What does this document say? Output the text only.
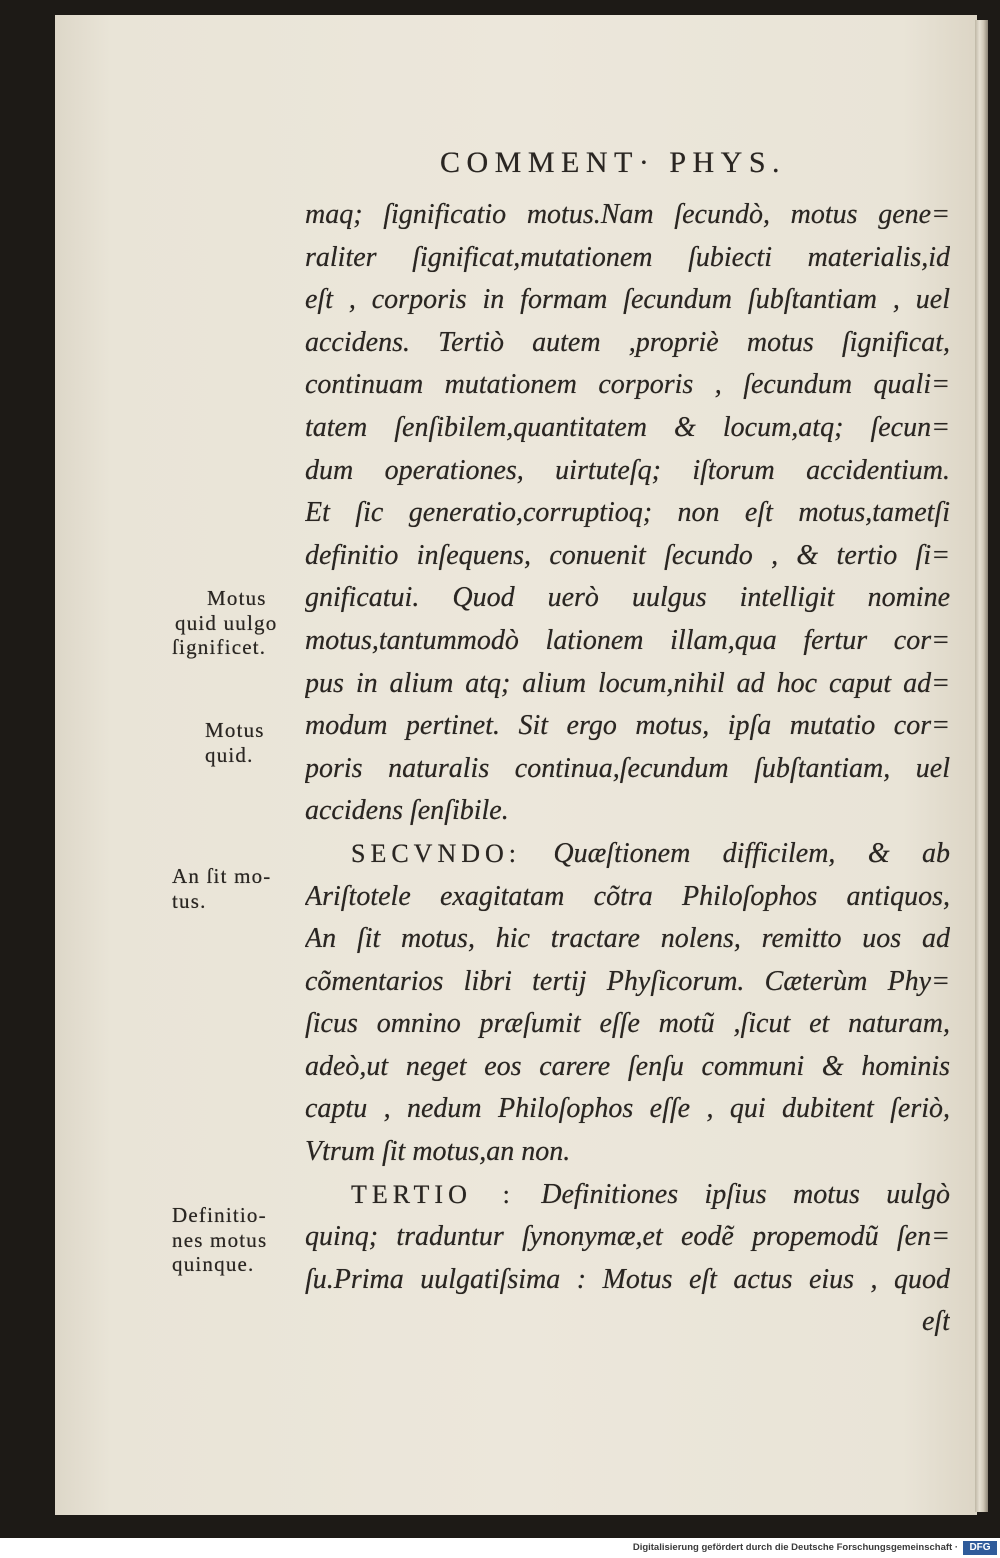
COMMENT· PHYS.
maq; ſignificatio motus.Nam ſecundò, motus gene=
raliter ſignificat,mutationem ſubiecti materialis,id
eſt , corporis in formam ſecundum ſubſtantiam , uel
accidens. Tertiò autem ,propriè motus ſignificat,
continuam mutationem corporis , ſecundum quali=
tatem ſenſibilem,quantitatem & locum,atq; ſecun=
dum operationes, uirtuteſq; iſtorum accidentium.
Et ſic generatio,corruptioq; non eſt motus,tametſi
definitio inſequens, conuenit ſecundo , & tertio ſi=
gnificatui. Quod uerò uulgus intelligit nomine
motus,tantummodò lationem illam,qua fertur cor=
pus in alium atq; alium locum,nihil ad hoc caput ad=
modum pertinet. Sit ergo motus, ipſa mutatio cor=
poris naturalis continua,ſecundum ſubſtantiam, uel
accidens ſenſibile.
SECVNDO: Quæſtionem difficilem, & ab
Ariſtotele exagitatam cõtra Philoſophos antiquos,
An ſit motus, hic tractare nolens, remitto uos ad
cõmentarios libri tertij Phyſicorum. Cæterùm Phy=
ſicus omnino præſumit eſſe motũ ,ſicut et naturam,
adeò,ut neget eos carere ſenſu communi & hominis
captu , nedum Philoſophos eſſe , qui dubitent ſeriò,
Vtrum ſit motus,an non.
TERTIO : Definitiones ipſius motus uulgò
quinq; traduntur ſynonymæ,et eodẽ propemodũ ſen=
ſu.Prima uulgatiſsima : Motus eſt actus eius , quod
eſt
Motus
quid uulgo
ſignificet.
Motus
quid.
An ſit mo-
tus.
Definitio-
nes motus
quinque.
Digitalisierung gefördert durch die Deutsche Forschungsgemeinschaft ·	DFG
